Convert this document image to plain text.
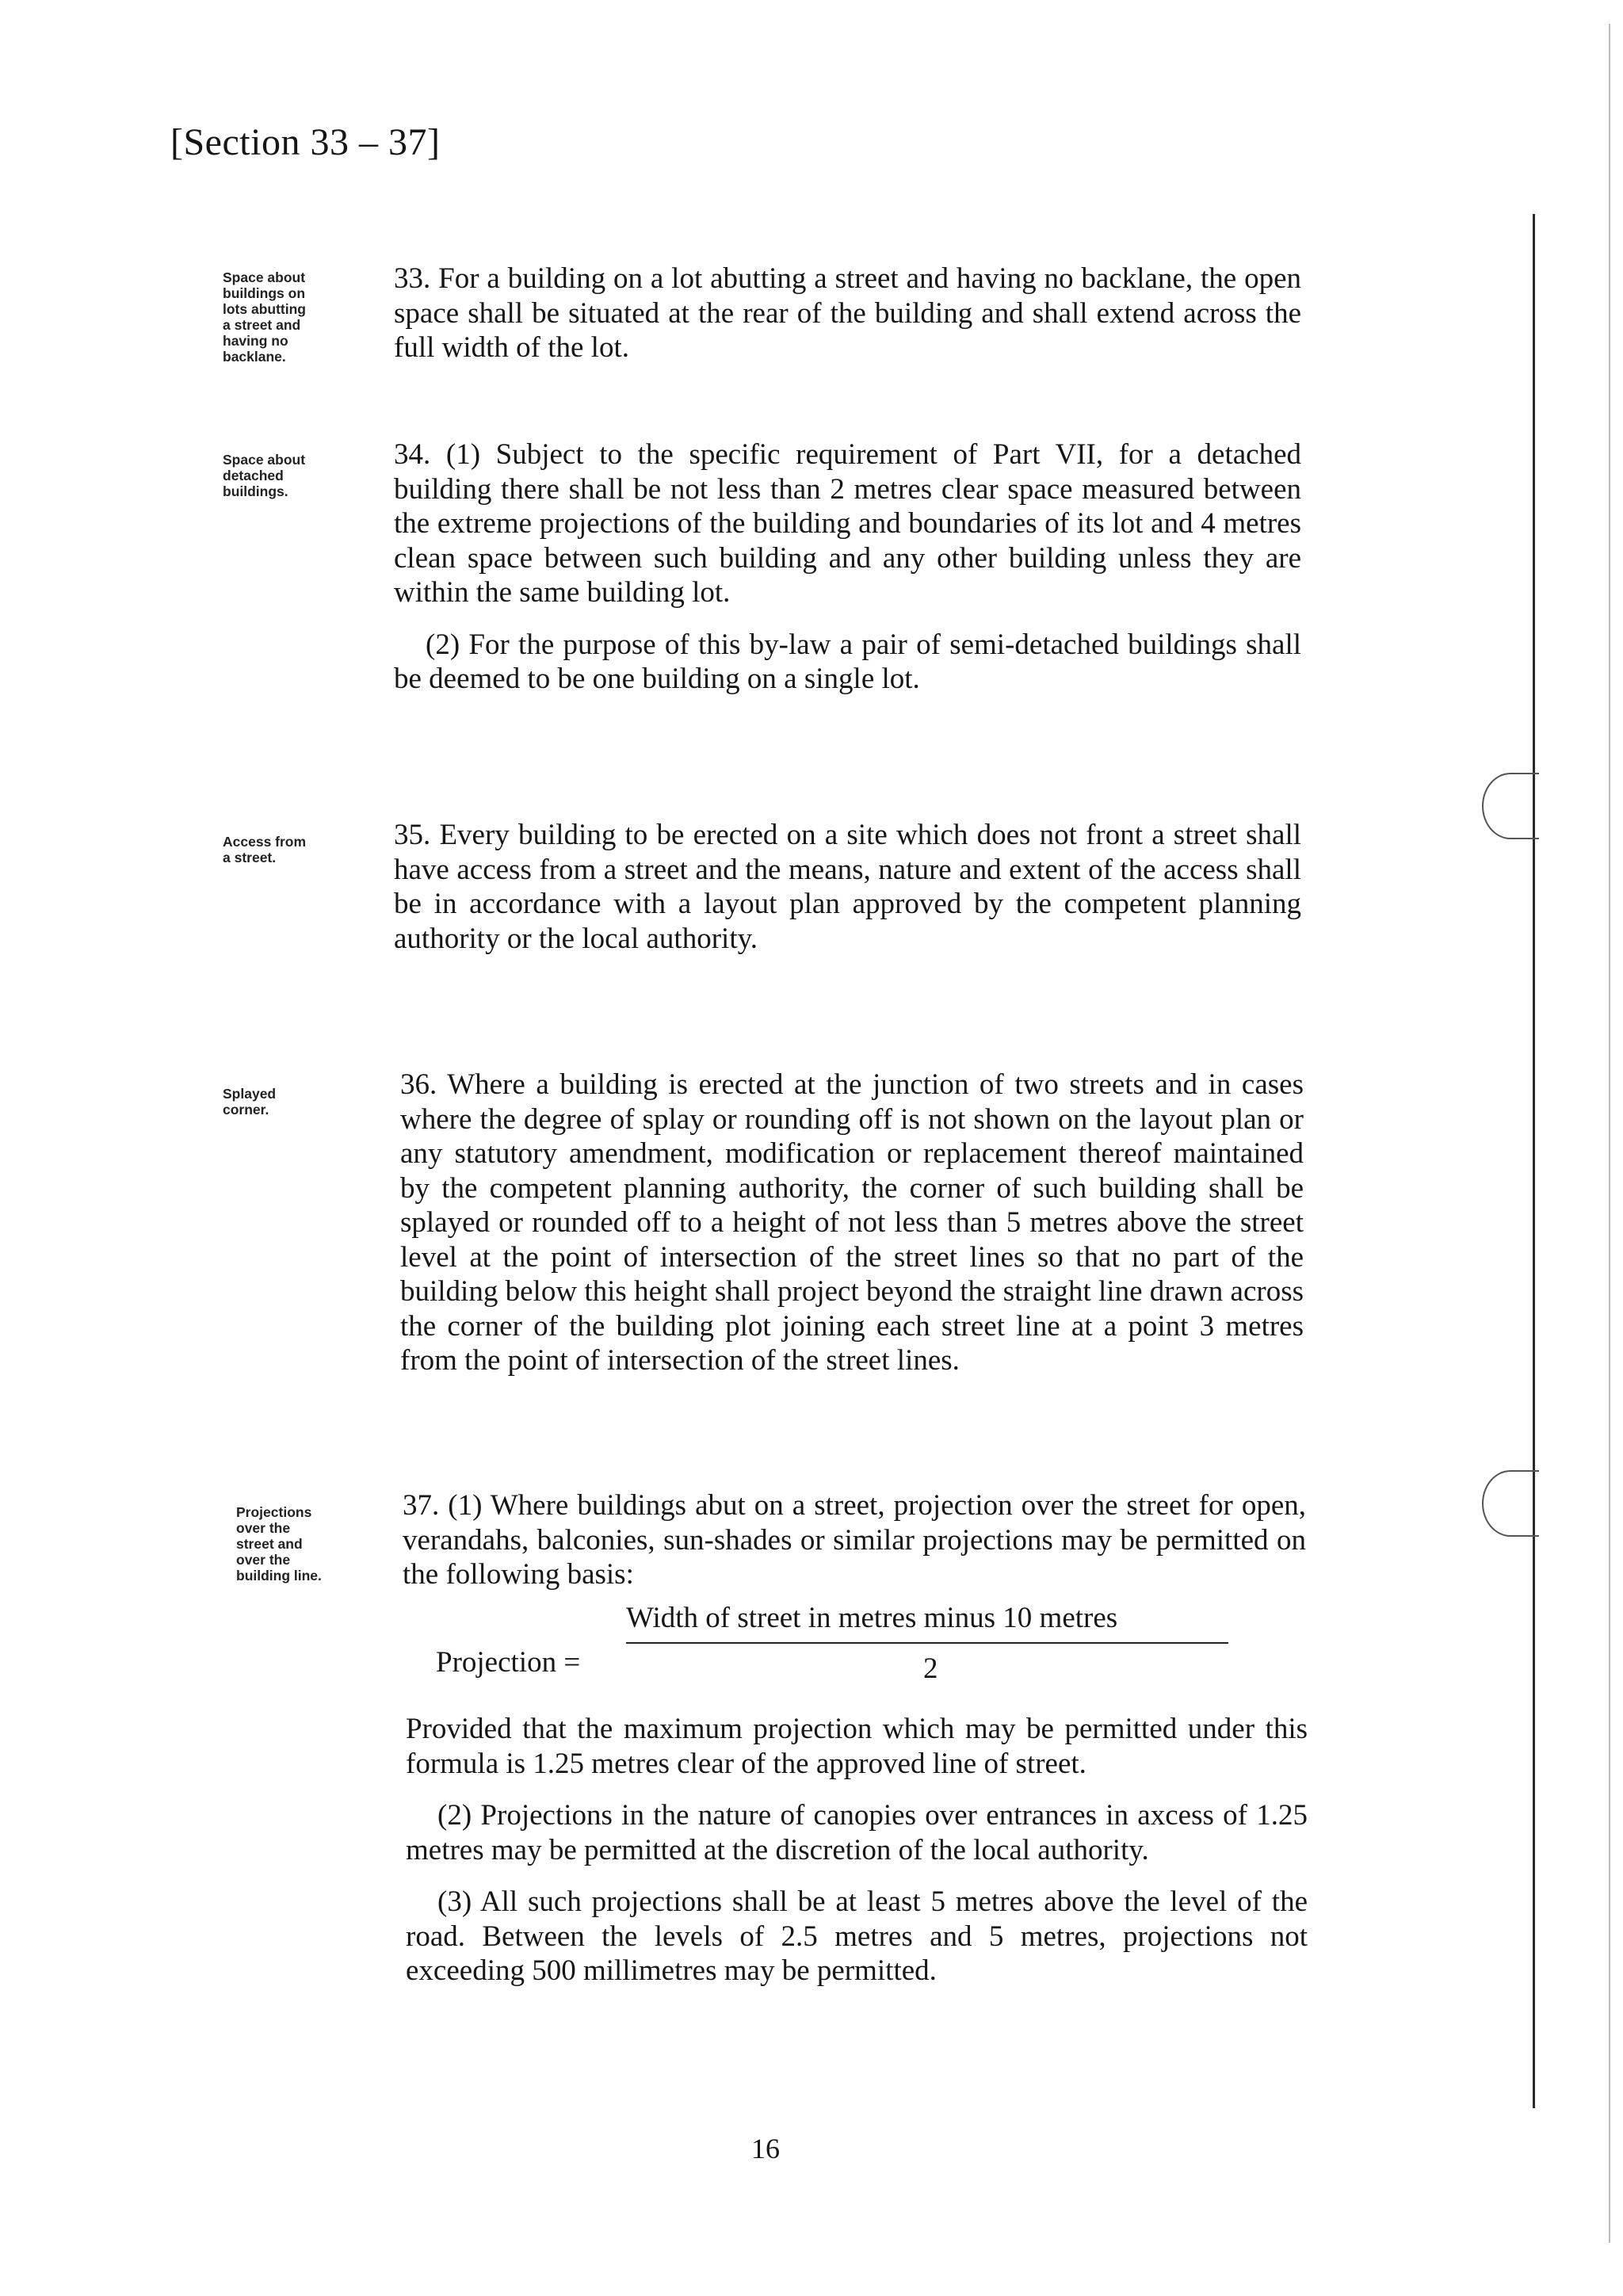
[Section 33 – 37]
Space about
buildings on
lots abutting
a street and
having no
backlane.
Space about
detached
buildings.
Access from
a street.
Splayed
corner.
Projections
over the
street and
over the
building line.

33. For a building on a lot abutting a street and having no backlane, the open space shall be situated at the rear of the building and shall extend across the full width of the lot.

34. (1) Subject to the specific requirement of Part VII, for a detached building there shall be not less than 2 metres clear space measured between the extreme projections of the building and boundaries of its lot and 4 metres clean space between such building and any other building unless they are within the same building lot.

(2) For the purpose of this by-law a pair of semi-detached buildings shall be deemed to be one building on a single lot.

35. Every building to be erected on a site which does not front a street shall have access from a street and the means, nature and extent of the access shall be in accordance with a layout plan approved by the competent planning authority or the local authority.

36. Where a building is erected at the junction of two streets and in cases where the degree of splay or rounding off is not shown on the layout plan or any statutory amendment, modification or replacement thereof maintained by the competent planning authority, the corner of such building shall be splayed or rounded off to a height of not less than 5 metres above the street level at the point of intersection of the street lines so that no part of the building below this height shall project beyond the straight line drawn across the corner of the building plot joining each street line at a point 3 metres from the point of intersection of the street lines.

37. (1) Where buildings abut on a street, projection over the street for open, verandahs, balconies, sun-shades or similar projections may be permitted on the following basis:

Projection =
Width of street in metres minus 10 metres
2

Provided that the maximum projection which may be permitted under this formula is 1.25 metres clear of the approved line of street.

(2) Projections in the nature of canopies over entrances in axcess of 1.25 metres may be permitted at the discretion of the local authority.

(3) All such projections shall be at least 5 metres above the level of the road. Between the levels of 2.5 metres and 5 metres, projections not exceeding 500 millimetres may be permitted.

16
